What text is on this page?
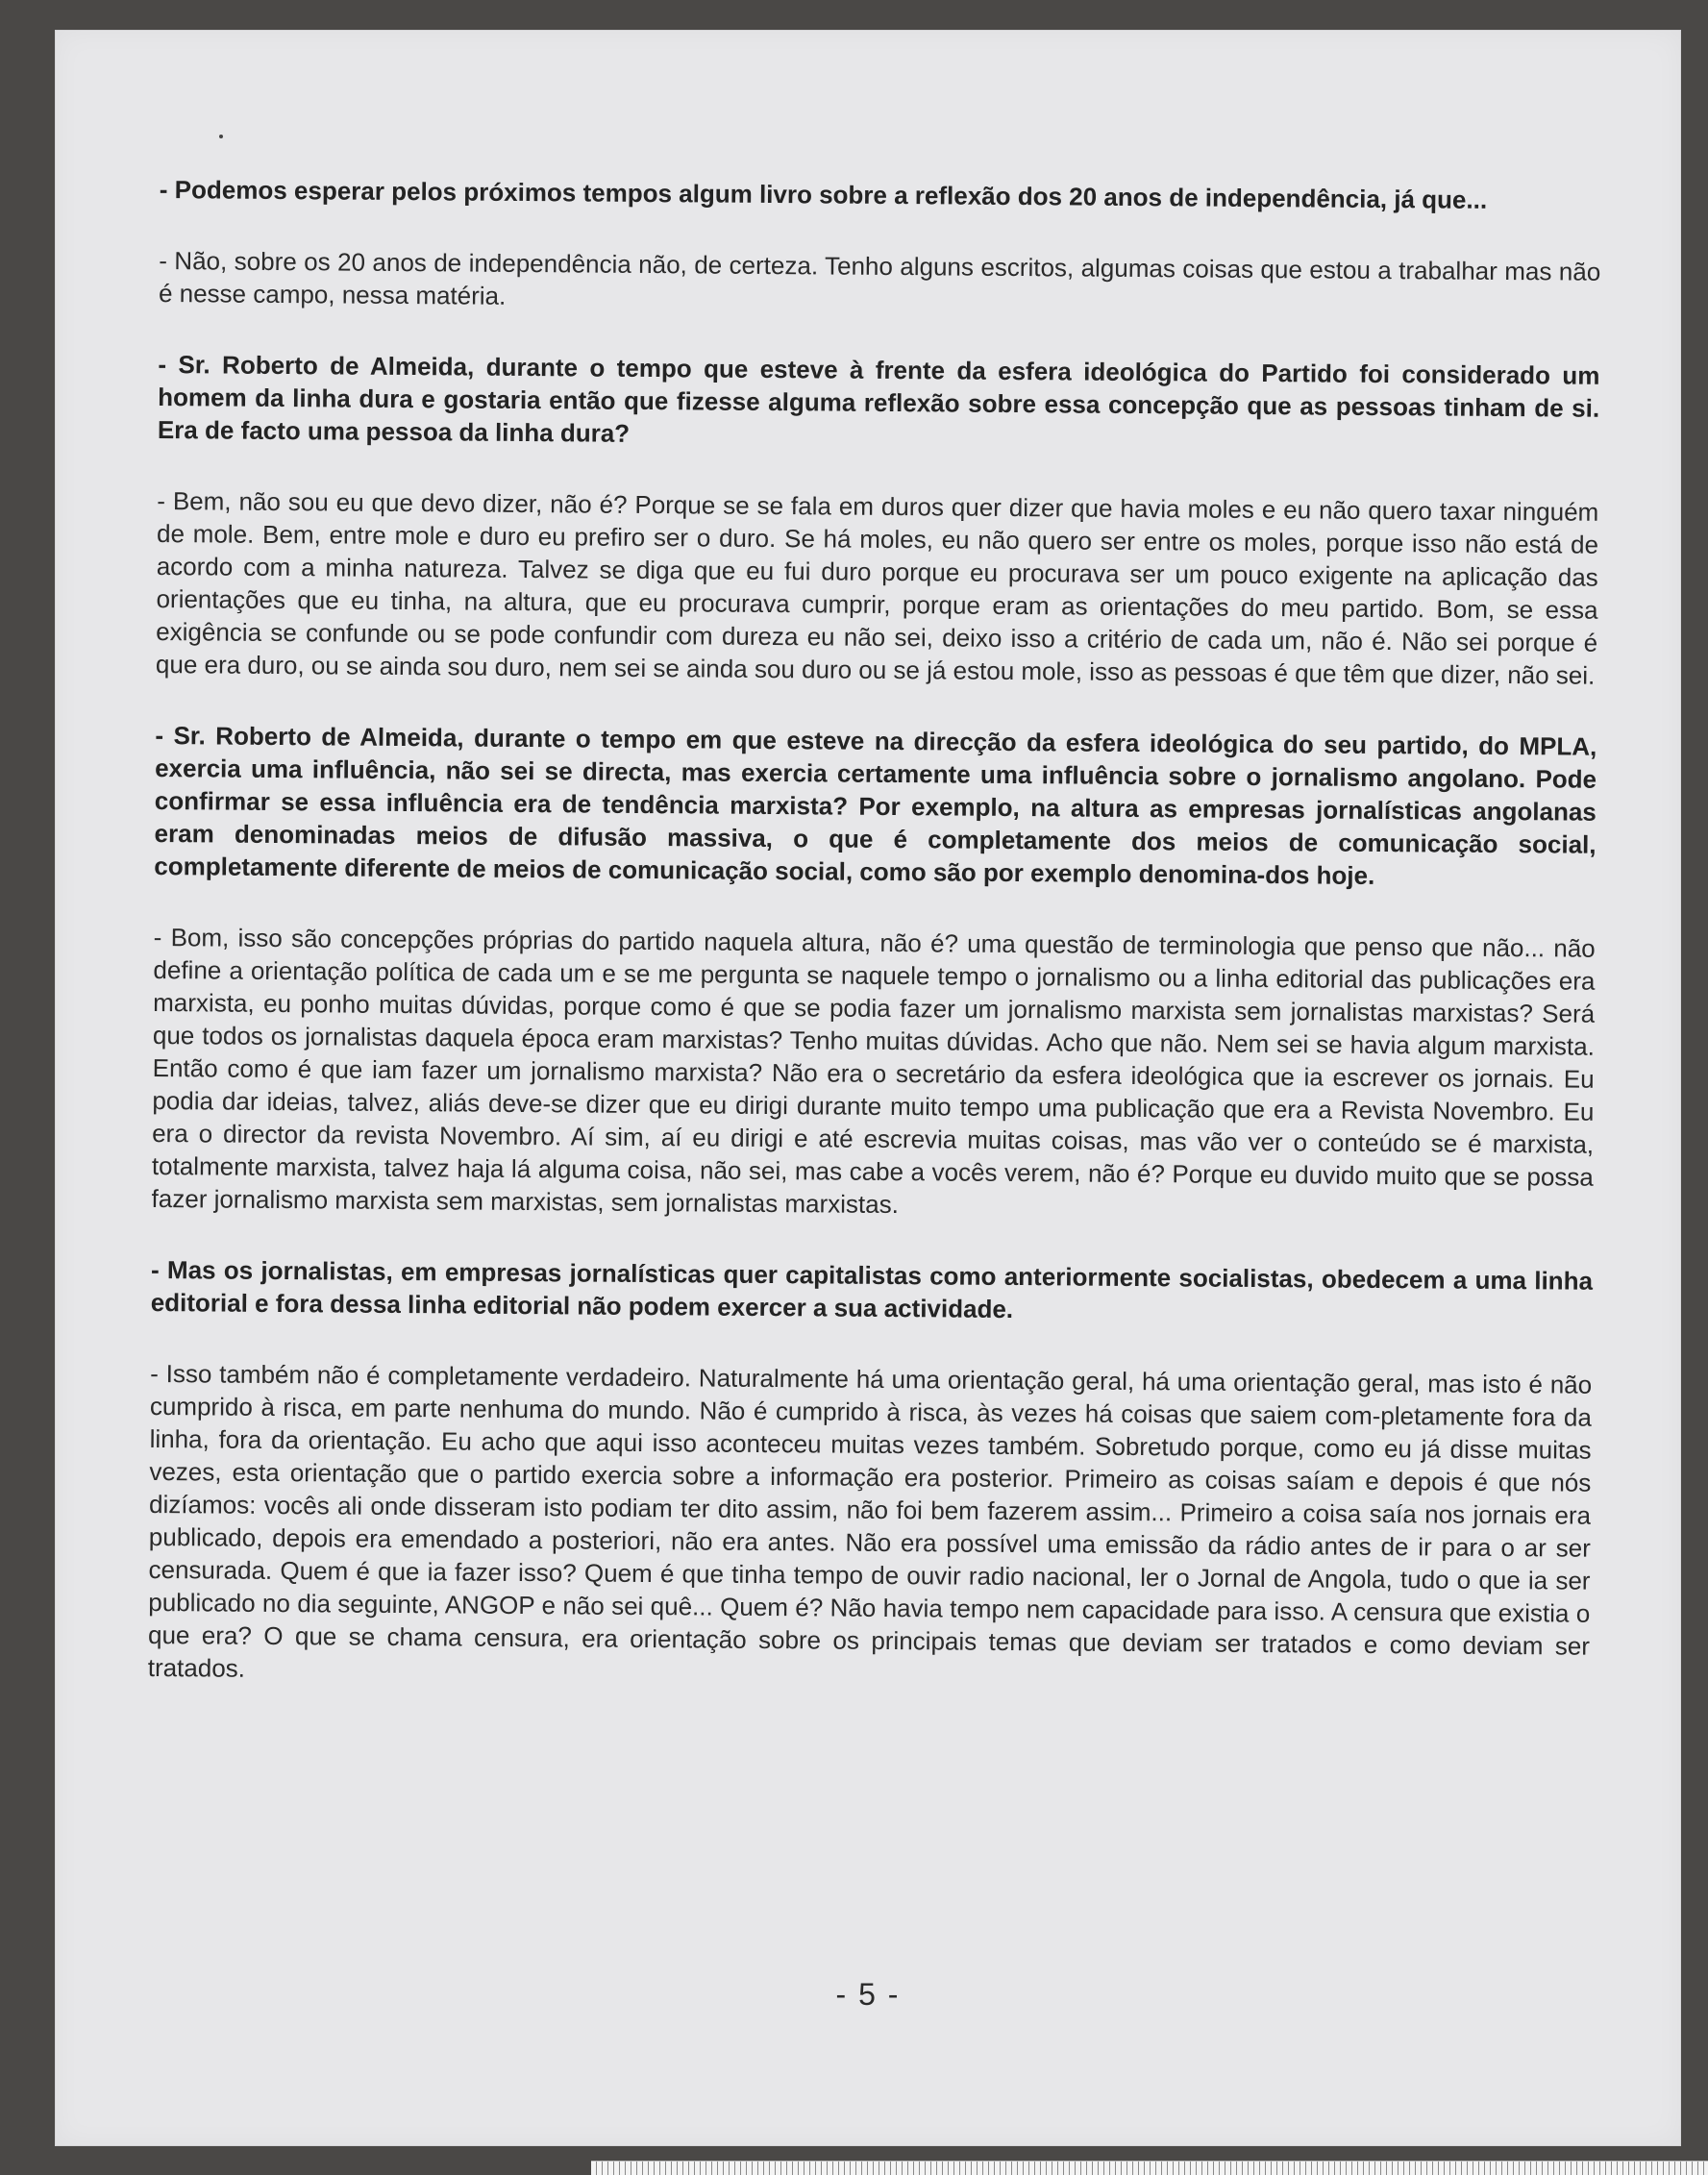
- Podemos esperar pelos próximos tempos algum livro sobre a reflexão dos 20 anos de independência, já que...

- Não, sobre os 20 anos de independência não, de certeza. Tenho alguns escritos, algumas coisas que estou a trabalhar mas não é nesse campo, nessa matéria.

- Sr. Roberto de Almeida, durante o tempo que esteve à frente da esfera ideológica do Partido foi considerado um homem da linha dura e gostaria então que fizesse alguma reflexão sobre essa concepção que as pessoas tinham de si. Era de facto uma pessoa da linha dura?

- Bem, não sou eu que devo dizer, não é? Porque se se fala em duros quer dizer que havia moles e eu não quero taxar ninguém de mole. Bem, entre mole e duro eu prefiro ser o duro. Se há moles, eu não quero ser entre os moles, porque isso não está de acordo com a minha natureza. Talvez se diga que eu fui duro porque eu procurava ser um pouco exigente na aplicação das orientações que eu tinha, na altura, que eu procurava cumprir, porque eram as orientações do meu partido. Bom, se essa exigência se confunde ou se pode confundir com dureza eu não sei, deixo isso a critério de cada um, não é. Não sei porque é que era duro, ou se ainda sou duro, nem sei se ainda sou duro ou se já estou mole, isso as pessoas é que têm que dizer, não sei.

- Sr. Roberto de Almeida, durante o tempo em que esteve na direcção da esfera ideológica do seu partido, do MPLA, exercia uma influência, não sei se directa, mas exercia certamente uma influência sobre o jornalismo angolano. Pode confirmar se essa influência era de tendência marxista? Por exemplo, na altura as empresas jornalísticas angolanas eram denominadas meios de difusão massiva, o que é completamente dos meios de comunicação social, completamente diferente de meios de comunicação social, como são por exemplo denomina-dos hoje.

- Bom, isso são concepções próprias do partido naquela altura, não é? uma questão de terminologia que penso que não... não define a orientação política de cada um e se me pergunta se naquele tempo o jornalismo ou a linha editorial das publicações era marxista, eu ponho muitas dúvidas, porque como é que se podia fazer um jornalismo marxista sem jornalistas marxistas? Será que todos os jornalistas daquela época eram marxistas? Tenho muitas dúvidas. Acho que não. Nem sei se havia algum marxista. Então como é que iam fazer um jornalismo marxista? Não era o secretário da esfera ideológica que ia escrever os jornais. Eu podia dar ideias, talvez, aliás deve-se dizer que eu dirigi durante muito tempo uma publicação que era a Revista Novembro. Eu era o director da revista Novembro. Aí sim, aí eu dirigi e até escrevia muitas coisas, mas vão ver o conteúdo se é marxista, totalmente marxista, talvez haja lá alguma coisa, não sei, mas cabe a vocês verem, não é? Porque eu duvido muito que se possa fazer jornalismo marxista sem marxistas, sem jornalistas marxistas.

- Mas os jornalistas, em empresas jornalísticas quer capitalistas como anteriormente socialistas, obedecem a uma linha editorial e fora dessa linha editorial não podem exercer a sua actividade.

- Isso também não é completamente verdadeiro. Naturalmente há uma orientação geral, há uma orientação geral, mas isto é não cumprido à risca, em parte nenhuma do mundo. Não é cumprido à risca, às vezes há coisas que saiem com-pletamente fora da linha, fora da orientação. Eu acho que aqui isso aconteceu muitas vezes também. Sobretudo porque, como eu já disse muitas vezes, esta orientação que o partido exercia sobre a informação era posterior. Primeiro as coisas saíam e depois é que nós dizíamos: vocês ali onde disseram isto podiam ter dito assim, não foi bem fazerem assim... Primeiro a coisa saía nos jornais era publicado, depois era emendado a posteriori, não era antes. Não era possível uma emissão da rádio antes de ir para o ar ser censurada. Quem é que ia fazer isso? Quem é que tinha tempo de ouvir radio nacional, ler o Jornal de Angola, tudo o que ia ser publicado no dia seguinte, ANGOP e não sei quê... Quem é? Não havia tempo nem capacidade para isso. A censura que existia o que era? O que se chama censura, era orientação sobre os principais temas que deviam ser tratados e como deviam ser tratados.

- 5 -
